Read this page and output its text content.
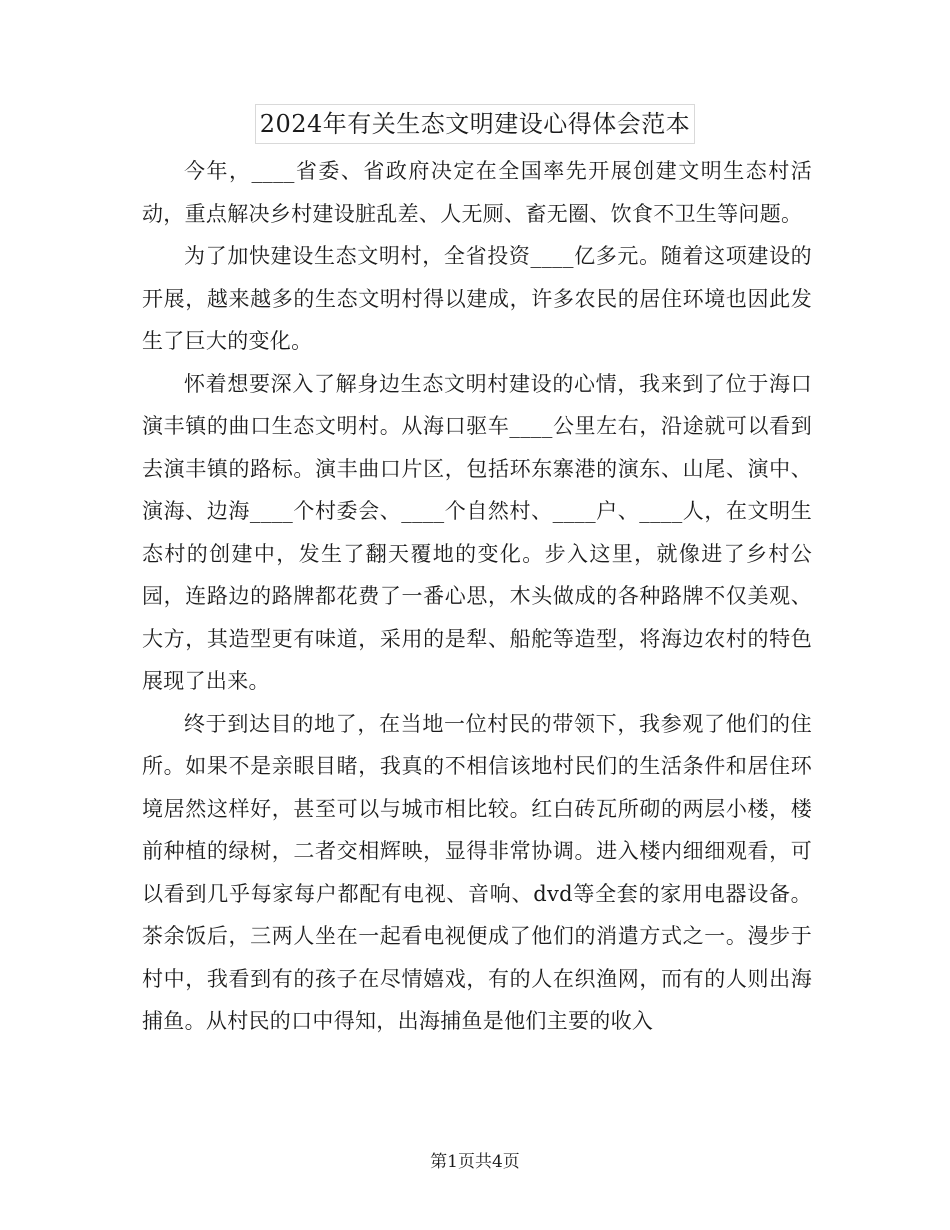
2024年有关生态文明建设心得体会范本

今年，____省委、省政府决定在全国率先开展创建文明生态村活动，重点解决乡村建设脏乱差、人无厕、畜无圈、饮食不卫生等问题。

为了加快建设生态文明村，全省投资____亿多元。随着这项建设的开展，越来越多的生态文明村得以建成，许多农民的居住环境也因此发生了巨大的变化。

怀着想要深入了解身边生态文明村建设的心情，我来到了位于海口演丰镇的曲口生态文明村。从海口驱车____公里左右，沿途就可以看到去演丰镇的路标。演丰曲口片区，包括环东寨港的演东、山尾、演中、演海、边海____个村委会、____个自然村、____户、____人，在文明生态村的创建中，发生了翻天覆地的变化。步入这里，就像进了乡村公园，连路边的路牌都花费了一番心思，木头做成的各种路牌不仅美观、大方，其造型更有味道，采用的是犁、船舵等造型，将海边农村的特色展现了出来。

终于到达目的地了，在当地一位村民的带领下，我参观了他们的住所。如果不是亲眼目睹，我真的不相信该地村民们的生活条件和居住环境居然这样好，甚至可以与城市相比较。红白砖瓦所砌的两层小楼，楼前种植的绿树，二者交相辉映，显得非常协调。进入楼内细细观看，可以看到几乎每家每户都配有电视、音响、dvd等全套的家用电器设备。茶余饭后，三两人坐在一起看电视便成了他们的消遣方式之一。漫步于村中，我看到有的孩子在尽情嬉戏，有的人在织渔网，而有的人则出海捕鱼。从村民的口中得知，出海捕鱼是他们主要的收入

第1页共4页
